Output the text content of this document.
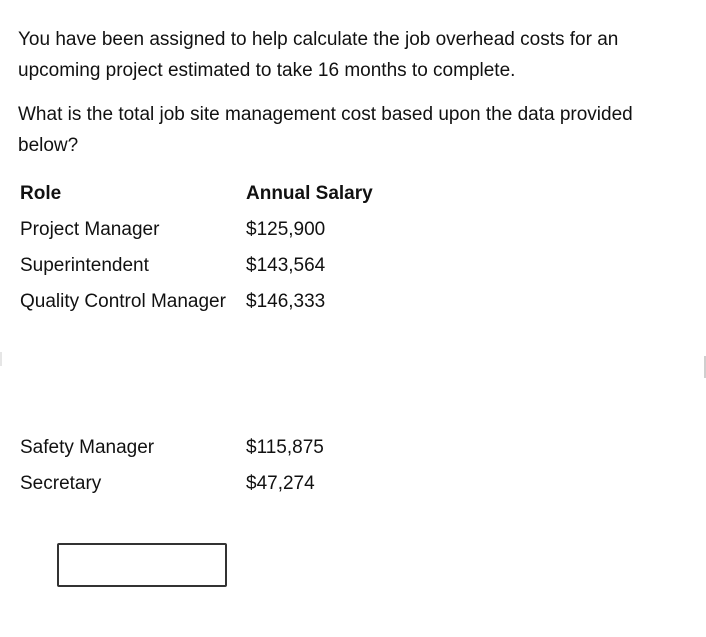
You have been assigned to help calculate the job overhead costs for an upcoming project estimated to take 16 months to complete.

What is the total job site management cost based upon the data provided below?

Role	Annual Salary
Project Manager	$125,900
Superintendent	$143,564
Quality Control Manager	$146,333
Safety Manager	$115,875
Secretary	$47,274
